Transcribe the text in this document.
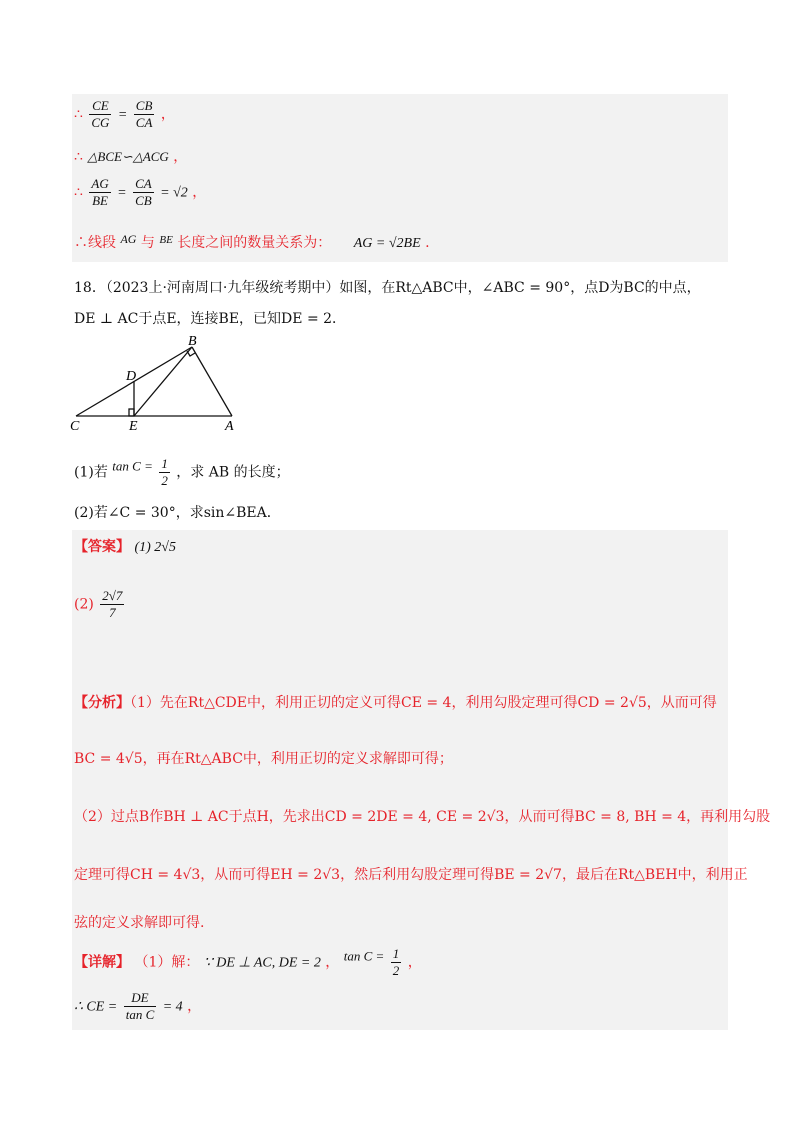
∴ $\frac{CE}{CG} = \frac{CB}{CA}$ ，
∴ △BCE∽△ACG ，
∴ $\frac{AG}{BE} = \frac{CA}{CB} = √2$ ，
∴线段 AG 与 $^{BE}$ 长度之间的数量关系为： AG = √2BE .
18．（2023上·河南周口·九年级统考期中）如图，在Rt△ABC中，∠ABC = 90°，点D为BC的中点，
DE ⊥ AC于点E，连接BE，已知DE = 2．
B
D
C	E	A
(1)若 $\tan C = \frac{1}{2}$ ，求 AB 的长度；
(2)若∠C = 30°，求sin∠BEA．
【答案】 (1) 2√5
$(2) \frac{2√7}{7}$
【分析】（1）先在Rt△CDE中，利用正切的定义可得CE = 4，利用勾股定理可得CD = 2√5，从而可得
BC = 4√5，再在Rt△ABC中，利用正切的定义求解即可得；
（2）过点B作BH ⊥ AC于点H，先求出CD = 2DE = 4, CE = 2√3，从而可得BC = 8, BH = 4，再利用勾股
定理可得CH = 4√3，从而可得EH = 2√3，然后利用勾股定理可得BE = 2√7，最后在Rt△BEH中，利用正
弦的定义求解即可得.
【详解】 （1）解： ∵ DE ⊥ AC, DE = 2 ， $\tan C = \frac{1}{2}$ ，
∴ CE = $\frac{DE}{\text{tan C}} = 4$ ，
